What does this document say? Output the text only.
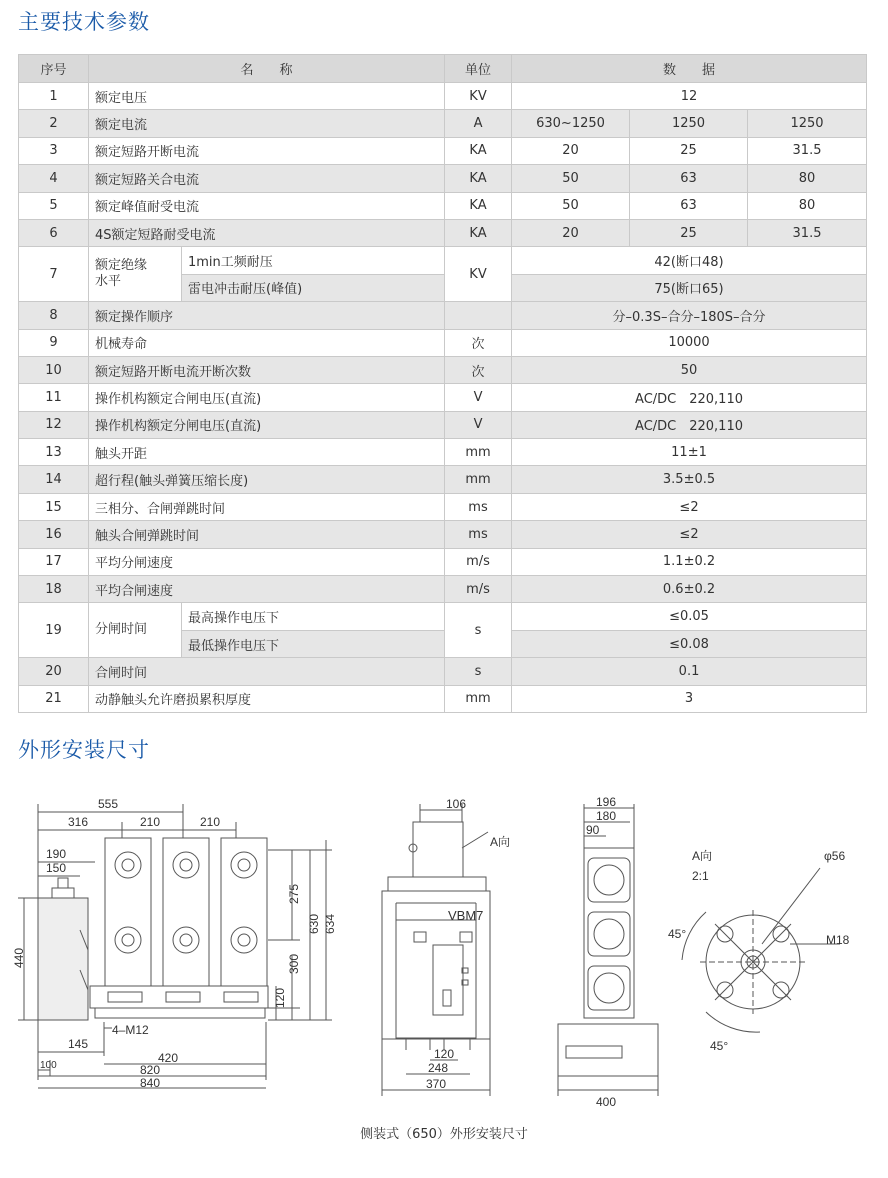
主要技术参数
序号	名　　称		单位	数　　据		
1	额定电压		KV	12		
2	额定电流		A	630~1250	1250	1250
3	额定短路开断电流		KA	20	25	31.5
4	额定短路关合电流		KA	50	63	80
5	额定峰值耐受电流		KA	50	63	80
6	4S额定短路耐受电流		KA	20	25	31.5
7	额定绝缘水平	1min工频耐压	KV	42(断口48)		
		雷电冲击耐压(峰值)		75(断口65)		
8	额定操作顺序			分–0.3S–合分–180S–合分		
9	机械寿命		次	10000		
10	额定短路开断电流开断次数		次	50		
11	操作机构额定合闸电压(直流)		V	AC/DC　220,110		
12	操作机构额定分闸电压(直流)		V	AC/DC　220,110		
13	触头开距		mm	11±1		
14	超行程(触头弹簧压缩长度)		mm	3.5±0.5		
15	三相分、合闸弹跳时间		ms	≤2		
16	触头合闸弹跳时间		ms	≤2		
17	平均分闸速度		m/s	1.1±0.2		
18	平均合闸速度		m/s	0.6±0.2		
19	分闸时间	最高操作电压下	s	≤0.05		
		最低操作电压下		≤0.08		
20	合闸时间		s	0.1		
21	动静触头允许磨损累积厚度		mm	3		
外形安装尺寸
555
316	210	210
190
150
440
275
300
120
630 634
4–M12
145
100
420
820
840
106
A向
VBM7
120
248
370
196
180
90
400
A向
2:1
φ56
45°	M18
45°
侧装式（650）外形安装尺寸
